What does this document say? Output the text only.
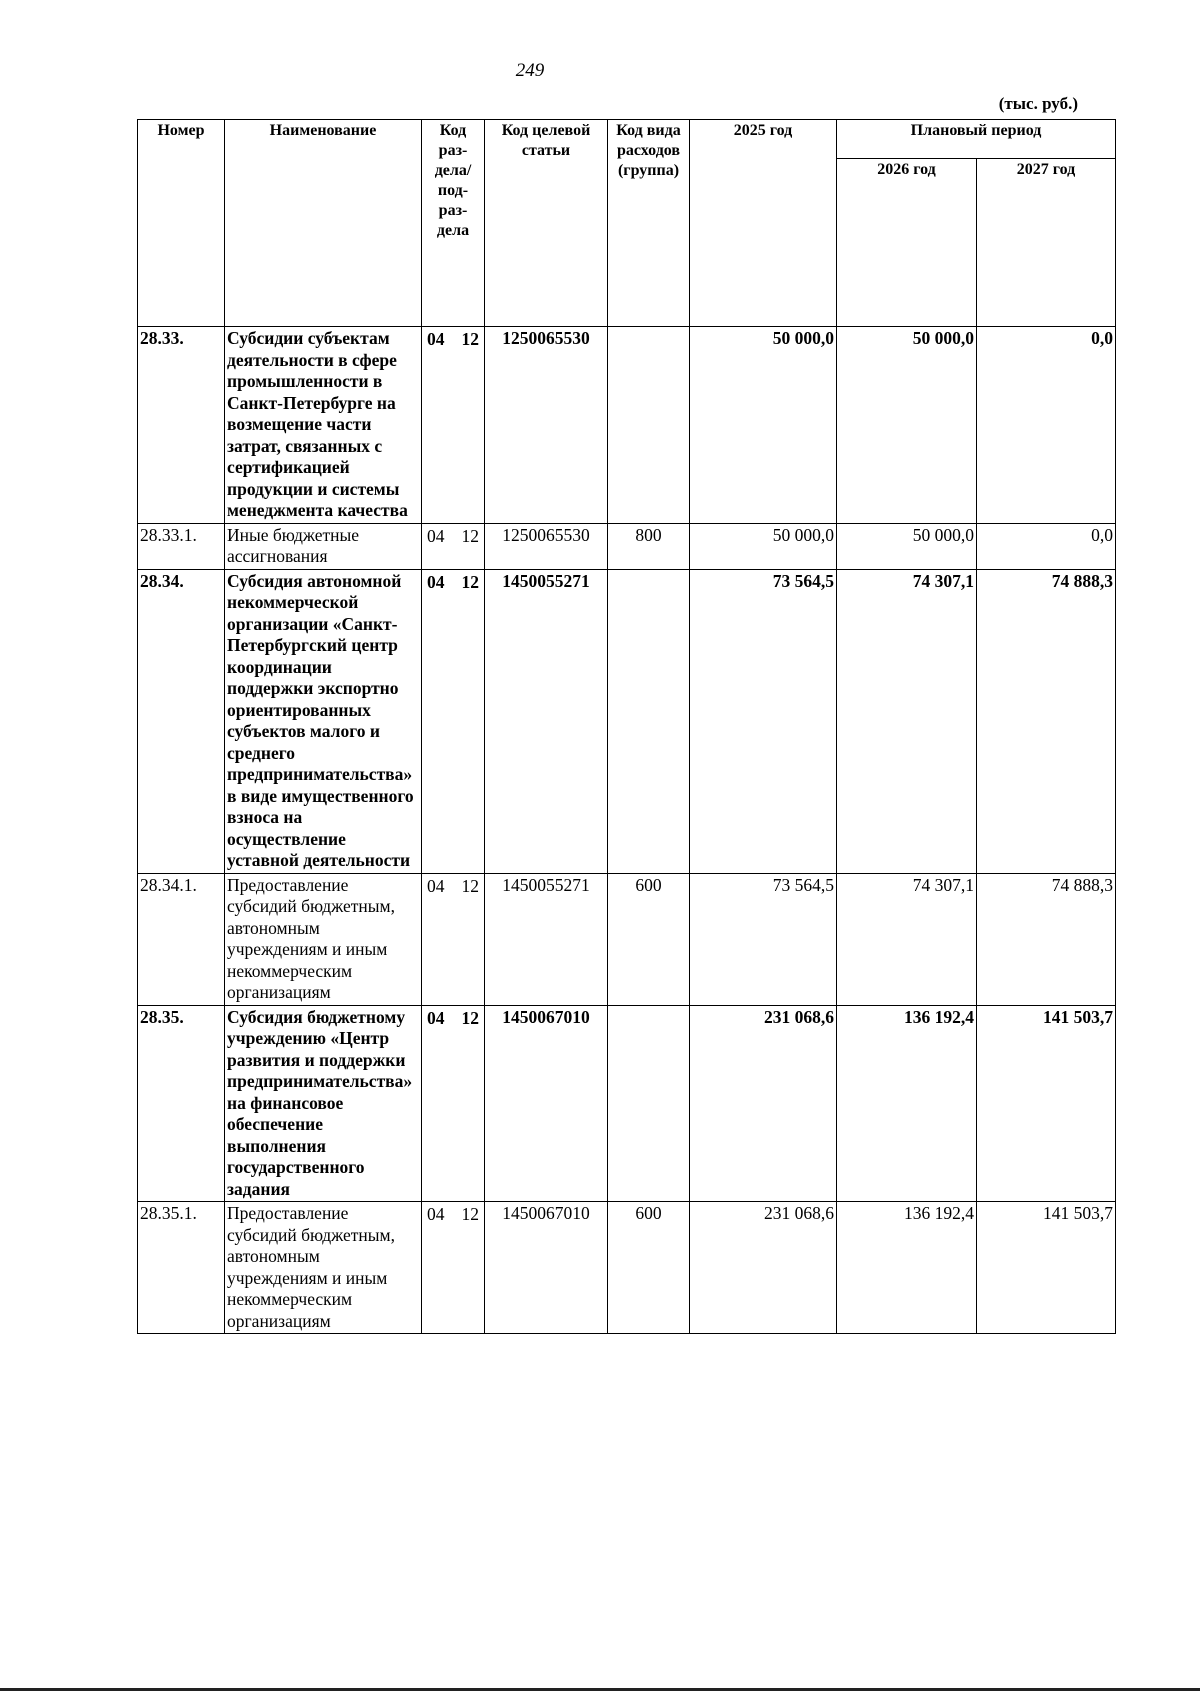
249
(тыс. руб.)
Номер	Наименование	Код раз-дела/ под-раз-дела	Код целевой статьи	Код вида расходов (группа)	2025 год	Плановый период	
						2026 год	2027 год
28.33.	Субсидии субъектам деятельности в сфере промышленности в Санкт-Петербурге на возмещение части затрат, связанных с сертификацией продукции и системы менеджмента качества	04 12	1250065530		50 000,0	50 000,0	0,0
28.33.1.	Иные бюджетные ассигнования	04 12	1250065530	800	50 000,0	50 000,0	0,0
28.34.	Субсидия автономной некоммерческой организации «Санкт-Петербургский центр координации поддержки экспортно ориентированных субъектов малого и среднего предпринимательства» в виде имущественного взноса на осуществление уставной деятельности	04 12	1450055271		73 564,5	74 307,1	74 888,3
28.34.1.	Предоставление субсидий бюджетным, автономным учреждениям и иным некоммерческим организациям	04 12	1450055271	600	73 564,5	74 307,1	74 888,3
28.35.	Субсидия бюджетному учреждению «Центр развития и поддержки предпринимательства» на финансовое обеспечение выполнения государственного задания	04 12	1450067010		231 068,6	136 192,4	141 503,7
28.35.1.	Предоставление субсидий бюджетным, автономным учреждениям и иным некоммерческим организациям	04 12	1450067010	600	231 068,6	136 192,4	141 503,7
